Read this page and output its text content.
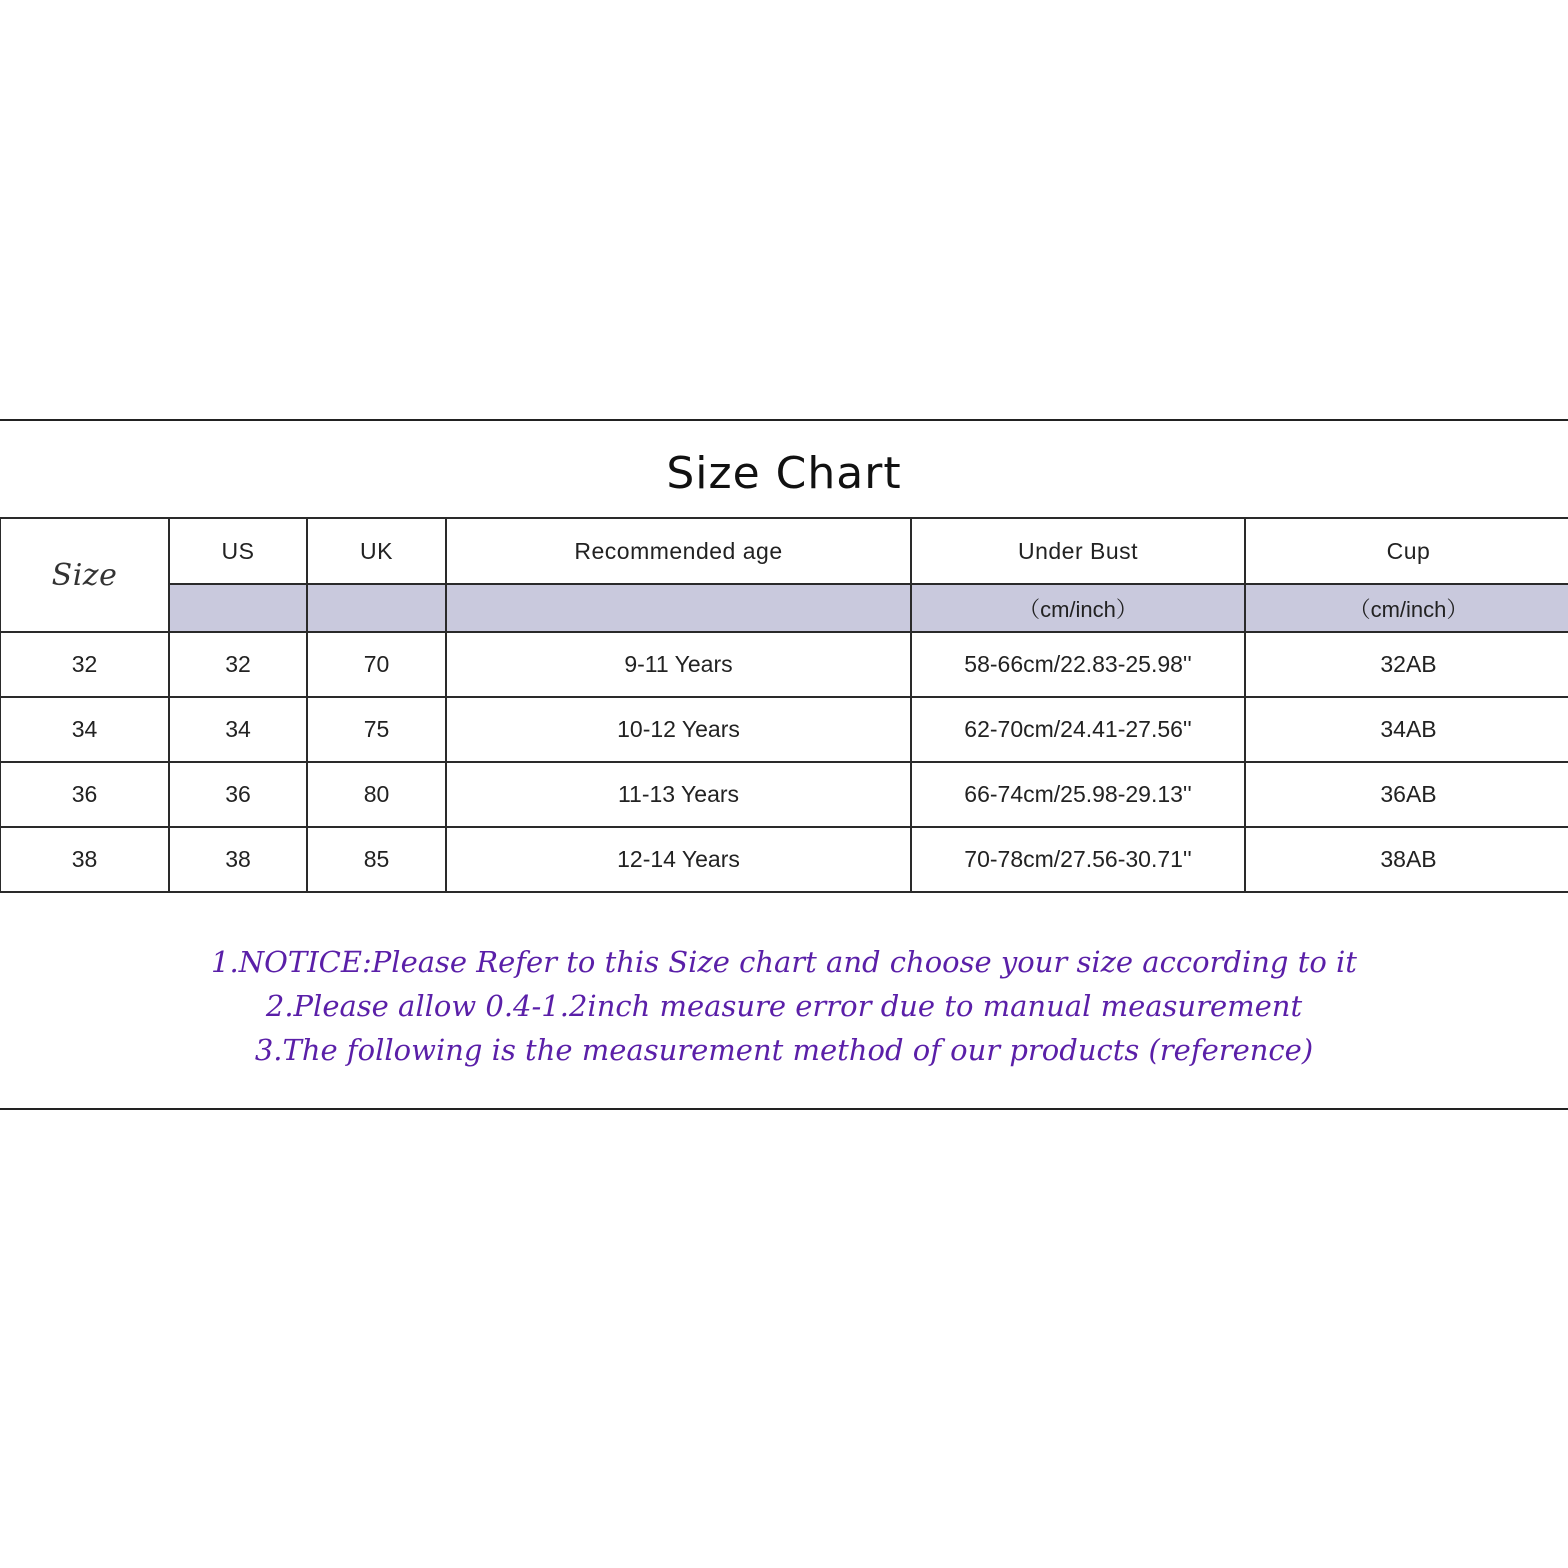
Size Chart
Size	US	UK	Recommended age	Under Bust	Cup
				（cm/inch）	（cm/inch）
32	32	70	9-11 Years	58-66cm/22.83-25.98''	32AB
34	34	75	10-12 Years	62-70cm/24.41-27.56''	34AB
36	36	80	11-13 Years	66-74cm/25.98-29.13''	36AB
38	38	85	12-14 Years	70-78cm/27.56-30.71''	38AB
1.NOTICE:Please Refer to this Size chart and choose your size according to it
2.Please allow 0.4-1.2inch measure error due to manual measurement
3.The following is the measurement method of our products (reference)
